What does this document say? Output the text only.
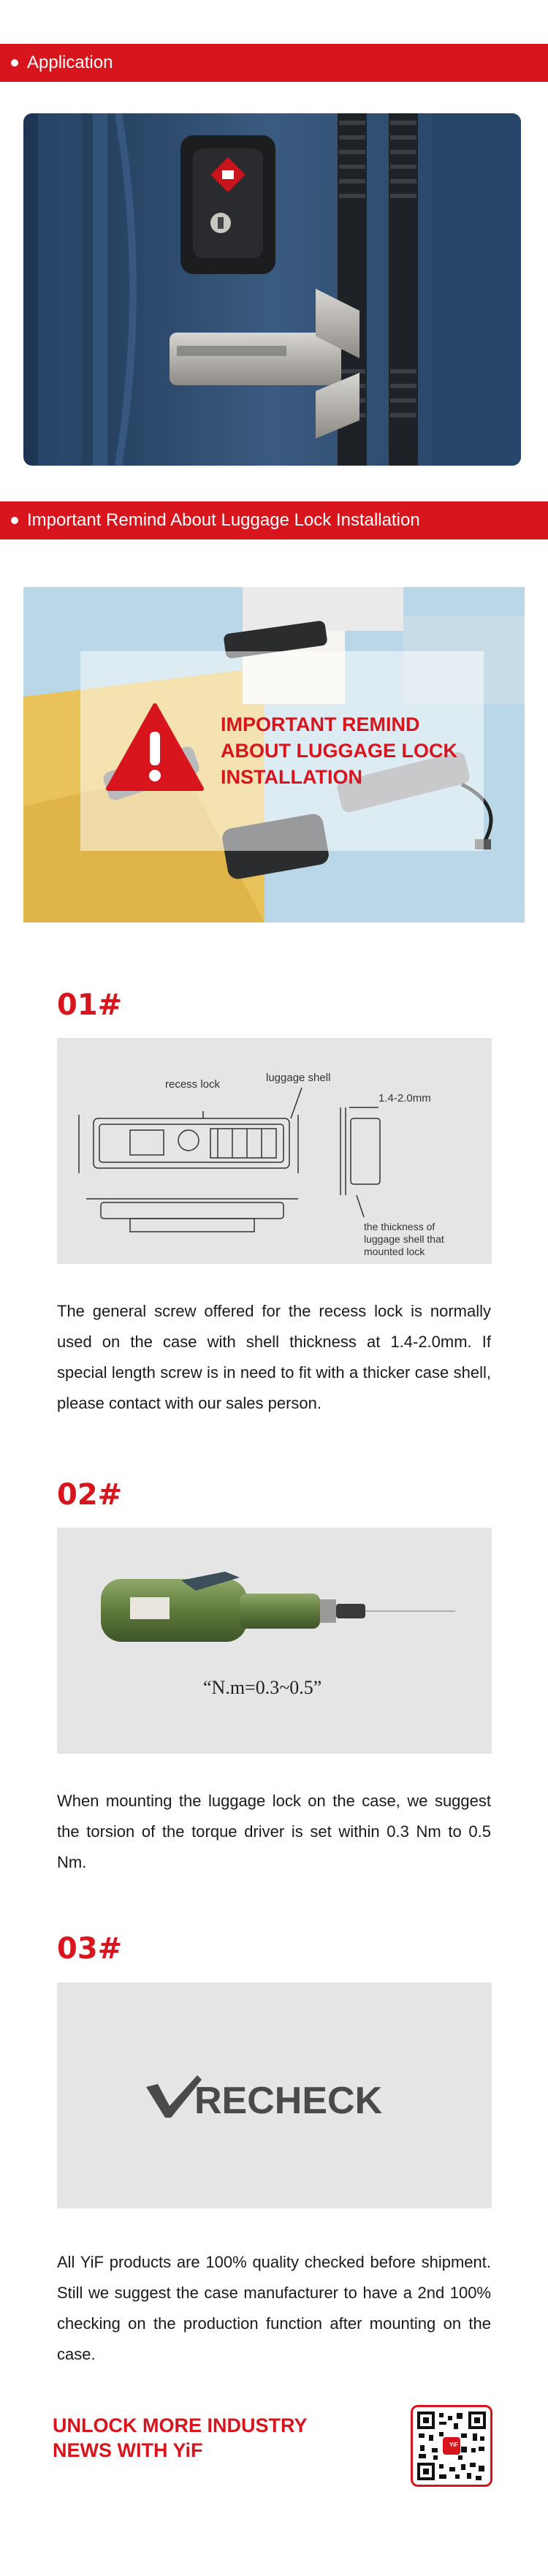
Application
Important Remind About Luggage Lock Installation
IMPORTANT REMIND
ABOUT LUGGAGE LOCK
INSTALLATION
01#
recess lock
luggage shell
1.4-2.0mm
the thickness of
luggage shell that
mounted lock
The general screw offered for the recess lock is normally used on the case with shell thickness at 1.4-2.0mm. If special length screw is in need to fit with a thicker case shell, please contact with our sales person.
02#
“N.m=0.3~0.5”
When mounting the luggage lock on the case, we suggest the torsion of the torque driver is set within 0.3 Nm to 0.5 Nm.
03#
RECHECK
All YiF products are 100% quality checked before shipment. Still we suggest the case manufacturer to have a 2nd 100% checking on the production function after mounting on the case.
UNLOCK MORE INDUSTRY
NEWS WITH YiF	YiF
